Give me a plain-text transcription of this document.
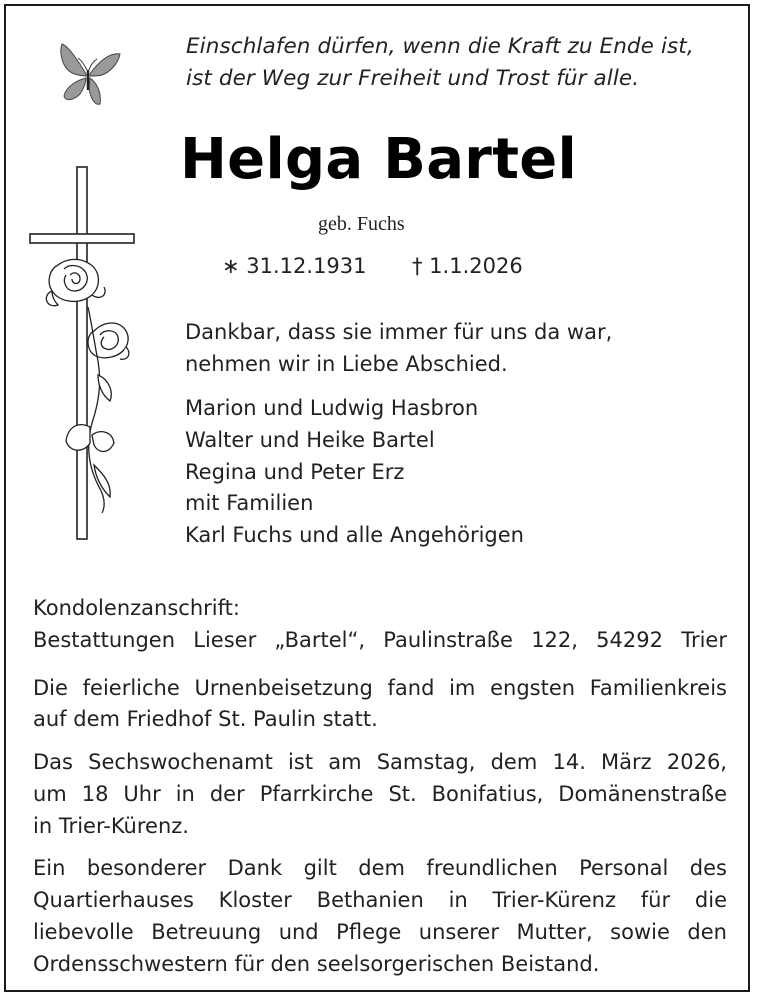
Einschlafen dürfen, wenn die Kraft zu Ende ist,
ist der Weg zur Freiheit und Trost für alle.
Helga Bartel
geb. Fuchs
∗ 31.12.1931 † 1.1.2026
Dankbar, dass sie immer für uns da war,
nehmen wir in Liebe Abschied.
Marion und Ludwig Hasbron
Walter und Heike Bartel
Regina und Peter Erz
mit Familien
Karl Fuchs und alle Angehörigen
Kondolenzanschrift:
Bestattungen Lieser „Bartel“, Paulinstraße 122, 54292 Trier
Die feierliche Urnenbeisetzung fand im engsten Familienkreis
auf dem Friedhof St. Paulin statt.
Das Sechswochenamt ist am Samstag, dem 14. März 2026,
um 18 Uhr in der Pfarrkirche St. Bonifatius, Domänenstraße
in Trier-Kürenz.
Ein besonderer Dank gilt dem freundlichen Personal des
Quartierhauses Kloster Bethanien in Trier-Kürenz für die
liebevolle Betreuung und Pflege unserer Mutter, sowie den
Ordensschwestern für den seelsorgerischen Beistand.
